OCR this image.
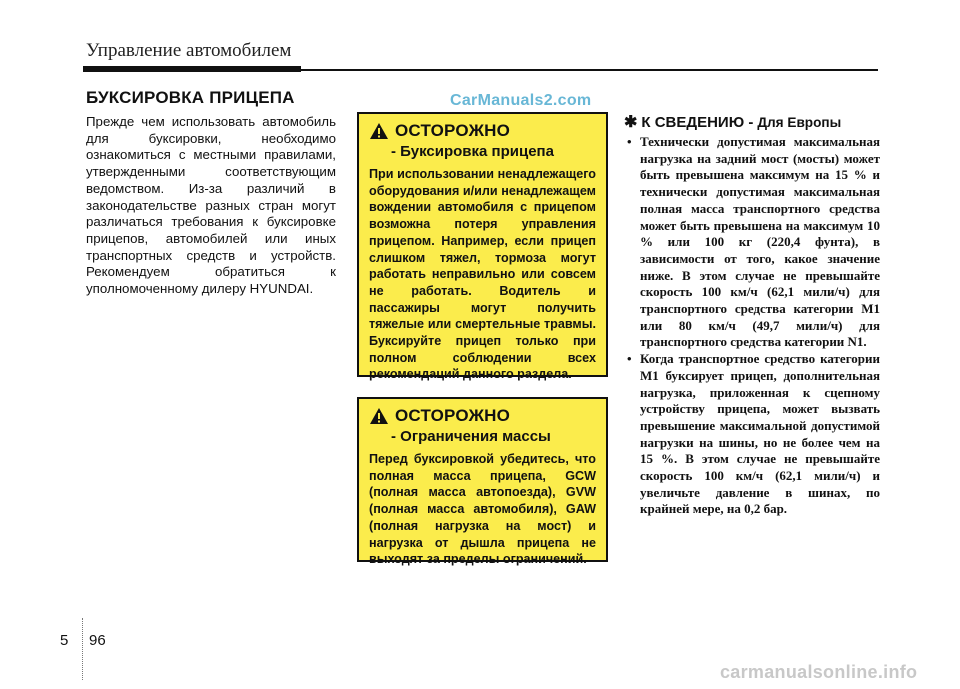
Управление автомобилем
БУКСИРОВКА ПРИЦЕПА
Прежде чем использовать автомобиль для буксировки, необходимо ознакомиться с местными правилами, утвержденными соответствующим ведомством. Из-за различий в законодательстве разных стран могут различаться требования к буксировке прицепов, автомобилей или иных транспортных средств и устройств. Рекомендуем обратиться к уполномоченному дилеру HYUNDAI.
CarManuals2.com
ОСТОРОЖНО
- Буксировка прицепа
При использовании ненадлежащего оборудования и/или ненадлежащем вождении автомобиля с прицепом возможна потеря управления прицепом. Например, если прицеп слишком тяжел, тормоза могут работать неправильно или совсем не работать. Водитель и пассажиры могут получить тяжелые или смертельные травмы. Буксируйте прицеп только при полном соблюдении всех рекомендаций данного раздела.
ОСТОРОЖНО
- Ограничения массы
Перед буксировкой убедитесь, что полная масса прицепа, GCW (полная масса автопоезда), GVW (полная масса автомобиля), GAW (полная нагрузка на мост) и нагрузка от дышла прицепа не выходят за пределы ограничений.
✱ К СВЕДЕНИЮ - Для Европы
• Технически допустимая максимальная нагрузка на задний мост (мосты) может быть превышена максимум на 15 % и технически допустимая максимальная полная масса транспортного средства может быть превышена на максимум 10 % или 100 кг (220,4 фунта), в зависимости от того, какое значение ниже. В этом случае не превышайте скорость 100 км/ч (62,1 мили/ч) для транспортного средства категории M1 или 80 км/ч (49,7 мили/ч) для транспортного средства категории N1.
• Когда транспортное средство категории M1 буксирует прицеп, дополнительная нагрузка, приложенная к сцепному устройству прицепа, может вызвать превышение максимальной допустимой нагрузки на шины, но не более чем на 15 %. В этом случае не превышайте скорость 100 км/ч (62,1 мили/ч) и увеличьте давление в шинах, по крайней мере, на 0,2 бар.
5 96
carmanualsonline.info
